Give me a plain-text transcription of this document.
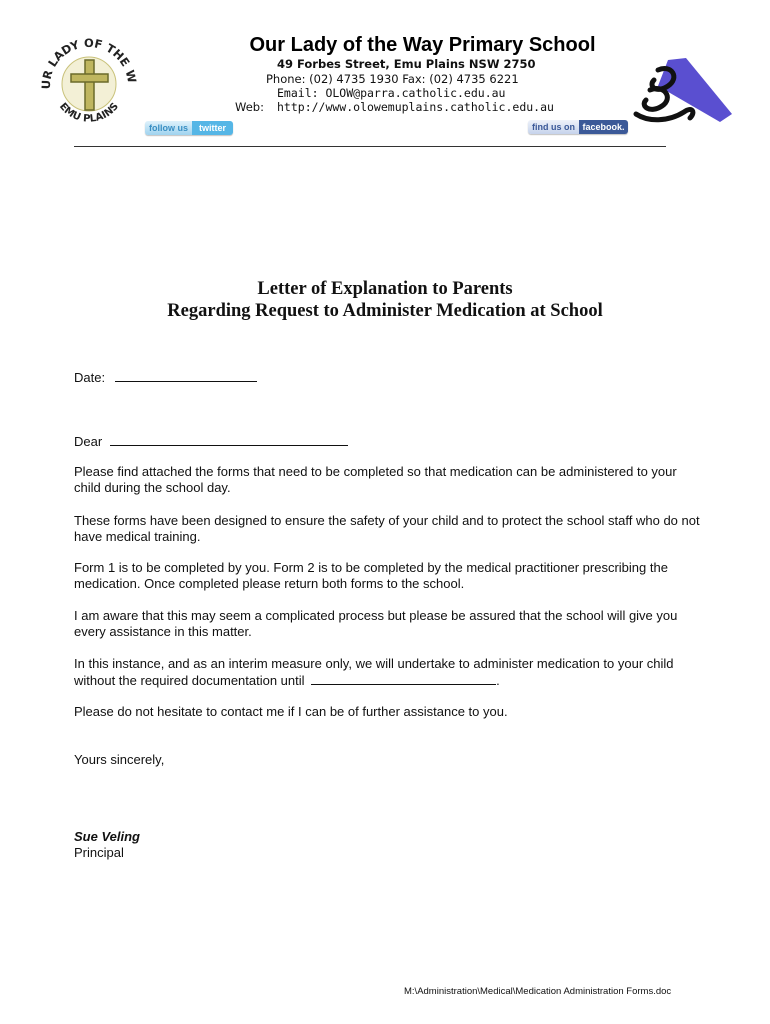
UR LADY OF THE W
EMU PLAINS
Our Lady of the Way Primary School
49 Forbes Street, Emu Plains NSW 2750
Phone: (02) 4735 1930 Fax: (02) 4735 6221
Email: OLOW@parra.catholic.edu.au
Web: http://www.olowemuplains.catholic.edu.au
follow us	twitter	find us on facebook.
Letter of Explanation to Parents
Regarding Request to Administer Medication at School
Date:
Dear
Please find attached the forms that need to be completed so that medication can be administered to your child during the school day.
These forms have been designed to ensure the safety of your child and to protect the school staff who do not have medical training.
Form 1 is to be completed by you. Form 2 is to be completed by the medical practitioner prescribing the medication. Once completed please return both forms to the school.
I am aware that this may seem a complicated process but please be assured that the school will give you every assistance in this matter.
In this instance, and as an interim measure only, we will undertake to administer medication to your child without the required documentation until	.
Please do not hesitate to contact me if I can be of further assistance to you.
Yours sincerely,
Sue Veling
Principal
M:\Administration\Medical\Medication Administration Forms.doc
